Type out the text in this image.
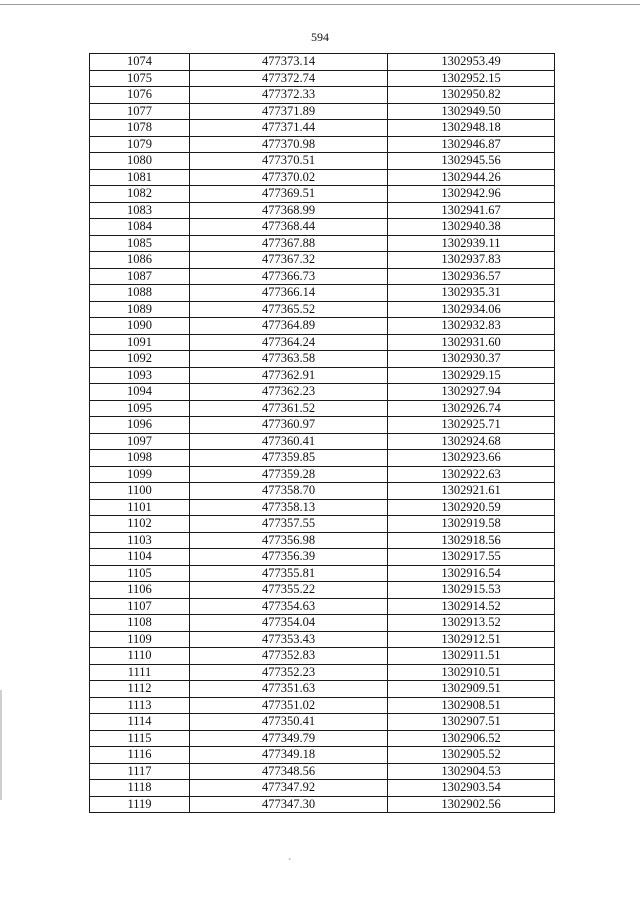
594
1074	477373.14	1302953.49
1075	477372.74	1302952.15
1076	477372.33	1302950.82
1077	477371.89	1302949.50
1078	477371.44	1302948.18
1079	477370.98	1302946.87
1080	477370.51	1302945.56
1081	477370.02	1302944.26
1082	477369.51	1302942.96
1083	477368.99	1302941.67
1084	477368.44	1302940.38
1085	477367.88	1302939.11
1086	477367.32	1302937.83
1087	477366.73	1302936.57
1088	477366.14	1302935.31
1089	477365.52	1302934.06
1090	477364.89	1302932.83
1091	477364.24	1302931.60
1092	477363.58	1302930.37
1093	477362.91	1302929.15
1094	477362.23	1302927.94
1095	477361.52	1302926.74
1096	477360.97	1302925.71
1097	477360.41	1302924.68
1098	477359.85	1302923.66
1099	477359.28	1302922.63
1100	477358.70	1302921.61
1101	477358.13	1302920.59
1102	477357.55	1302919.58
1103	477356.98	1302918.56
1104	477356.39	1302917.55
1105	477355.81	1302916.54
1106	477355.22	1302915.53
1107	477354.63	1302914.52
1108	477354.04	1302913.52
1109	477353.43	1302912.51
1110	477352.83	1302911.51
1111	477352.23	1302910.51
1112	477351.63	1302909.51
1113	477351.02	1302908.51
1114	477350.41	1302907.51
1115	477349.79	1302906.52
1116	477349.18	1302905.52
1117	477348.56	1302904.53
1118	477347.92	1302903.54
1119	477347.30	1302902.56
`
